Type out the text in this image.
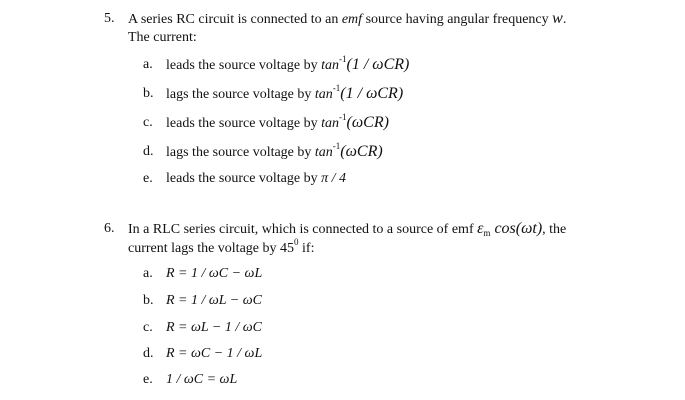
5. A series RC circuit is connected to an emf source having angular frequency w.
The current:
a. leads the source voltage by $\tan^{-1}(1 / \omega CR)$
b. lags the source voltage by $\tan^{-1}(1 / \omega CR)$
c. leads the source voltage by $\tan^{-1}(\omega CR)$
d. lags the source voltage by $\tan^{-1}(\omega CR)$
e. leads the source voltage by π / 4
6. In a RLC series circuit, which is connected to a source of emf $\varepsilon_m$ cos(ωt), the
current lags the voltage by $45^0$ if:
a. R = 1 / ωC − ωL
b. R = 1 / ωL − ωC
c. R = ωL − 1 / ωC
d. R = ωC − 1 / ωL
e. 1 / ωC = ωL
